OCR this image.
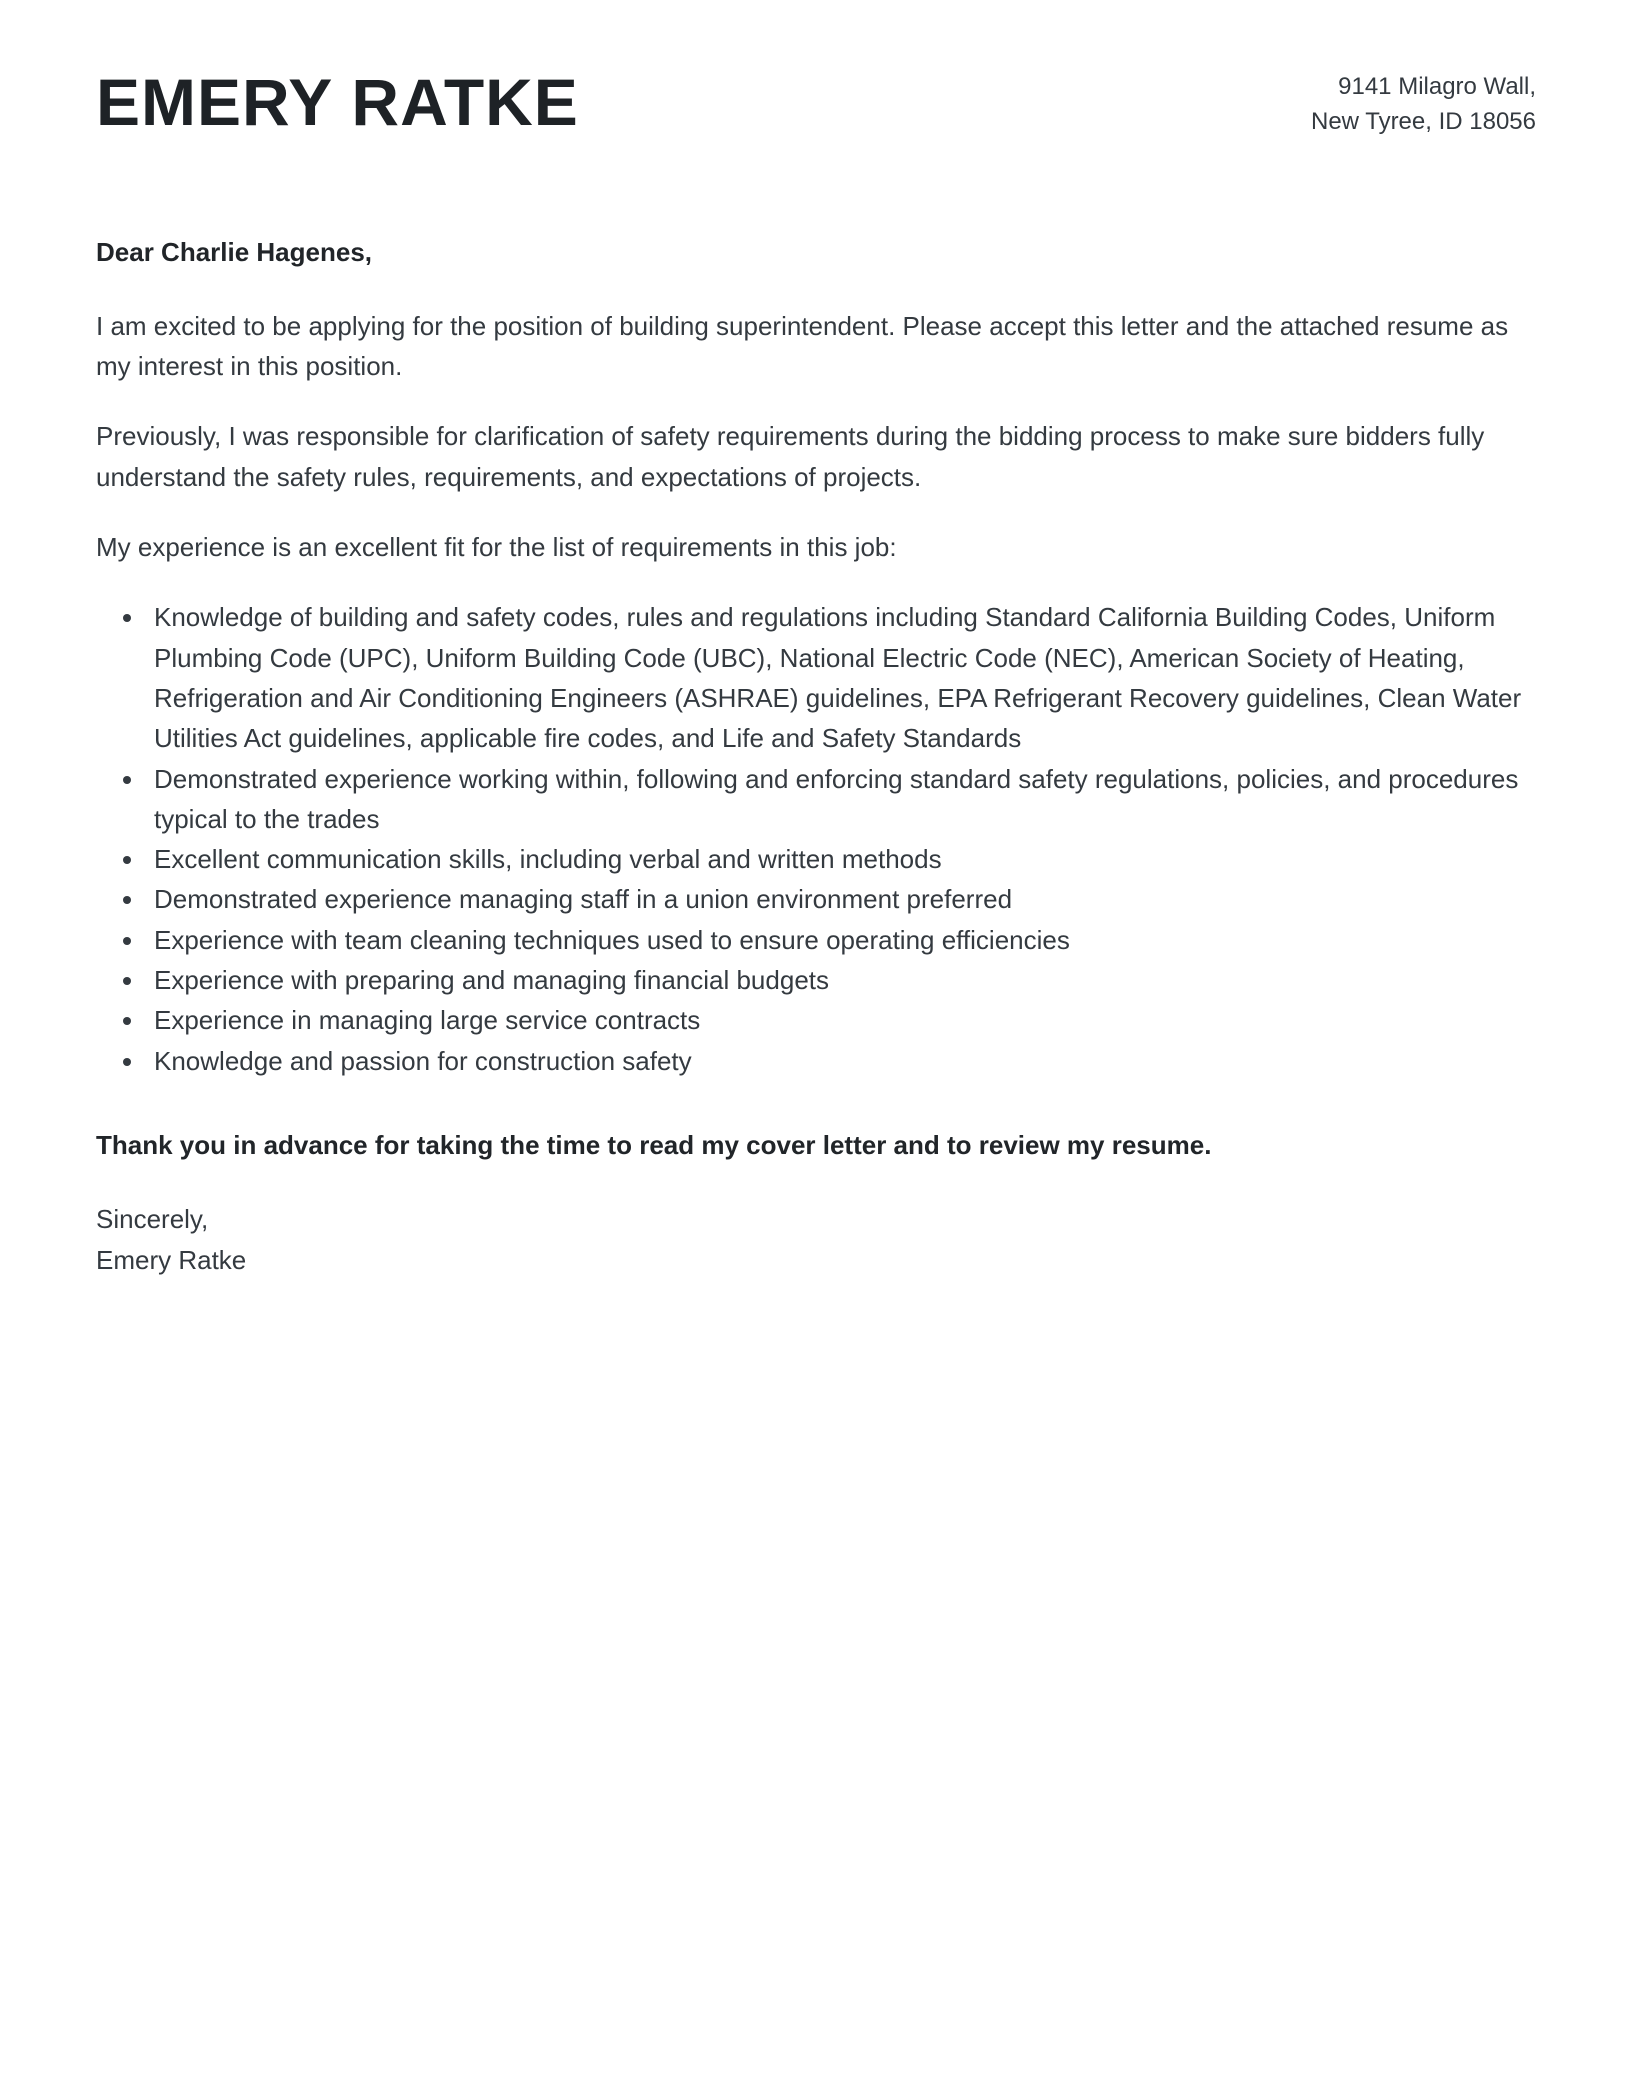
EMERY RATKE	9141 Milagro Wall,
New Tyree, ID 18056

Dear Charlie Hagenes,

I am excited to be applying for the position of building superintendent. Please accept this letter and the attached resume as my interest in this position.

Previously, I was responsible for clarification of safety requirements during the bidding process to make sure bidders fully understand the safety rules, requirements, and expectations of projects.

My experience is an excellent fit for the list of requirements in this job:

• Knowledge of building and safety codes, rules and regulations including Standard California Building Codes, Uniform Plumbing Code (UPC), Uniform Building Code (UBC), National Electric Code (NEC), American Society of Heating, Refrigeration and Air Conditioning Engineers (ASHRAE) guidelines, EPA Refrigerant Recovery guidelines, Clean Water Utilities Act guidelines, applicable fire codes, and Life and Safety Standards
• Demonstrated experience working within, following and enforcing standard safety regulations, policies, and procedures typical to the trades
• Excellent communication skills, including verbal and written methods
• Demonstrated experience managing staff in a union environment preferred
• Experience with team cleaning techniques used to ensure operating efficiencies
• Experience with preparing and managing financial budgets
• Experience in managing large service contracts
• Knowledge and passion for construction safety

Thank you in advance for taking the time to read my cover letter and to review my resume.

Sincerely,
Emery Ratke
